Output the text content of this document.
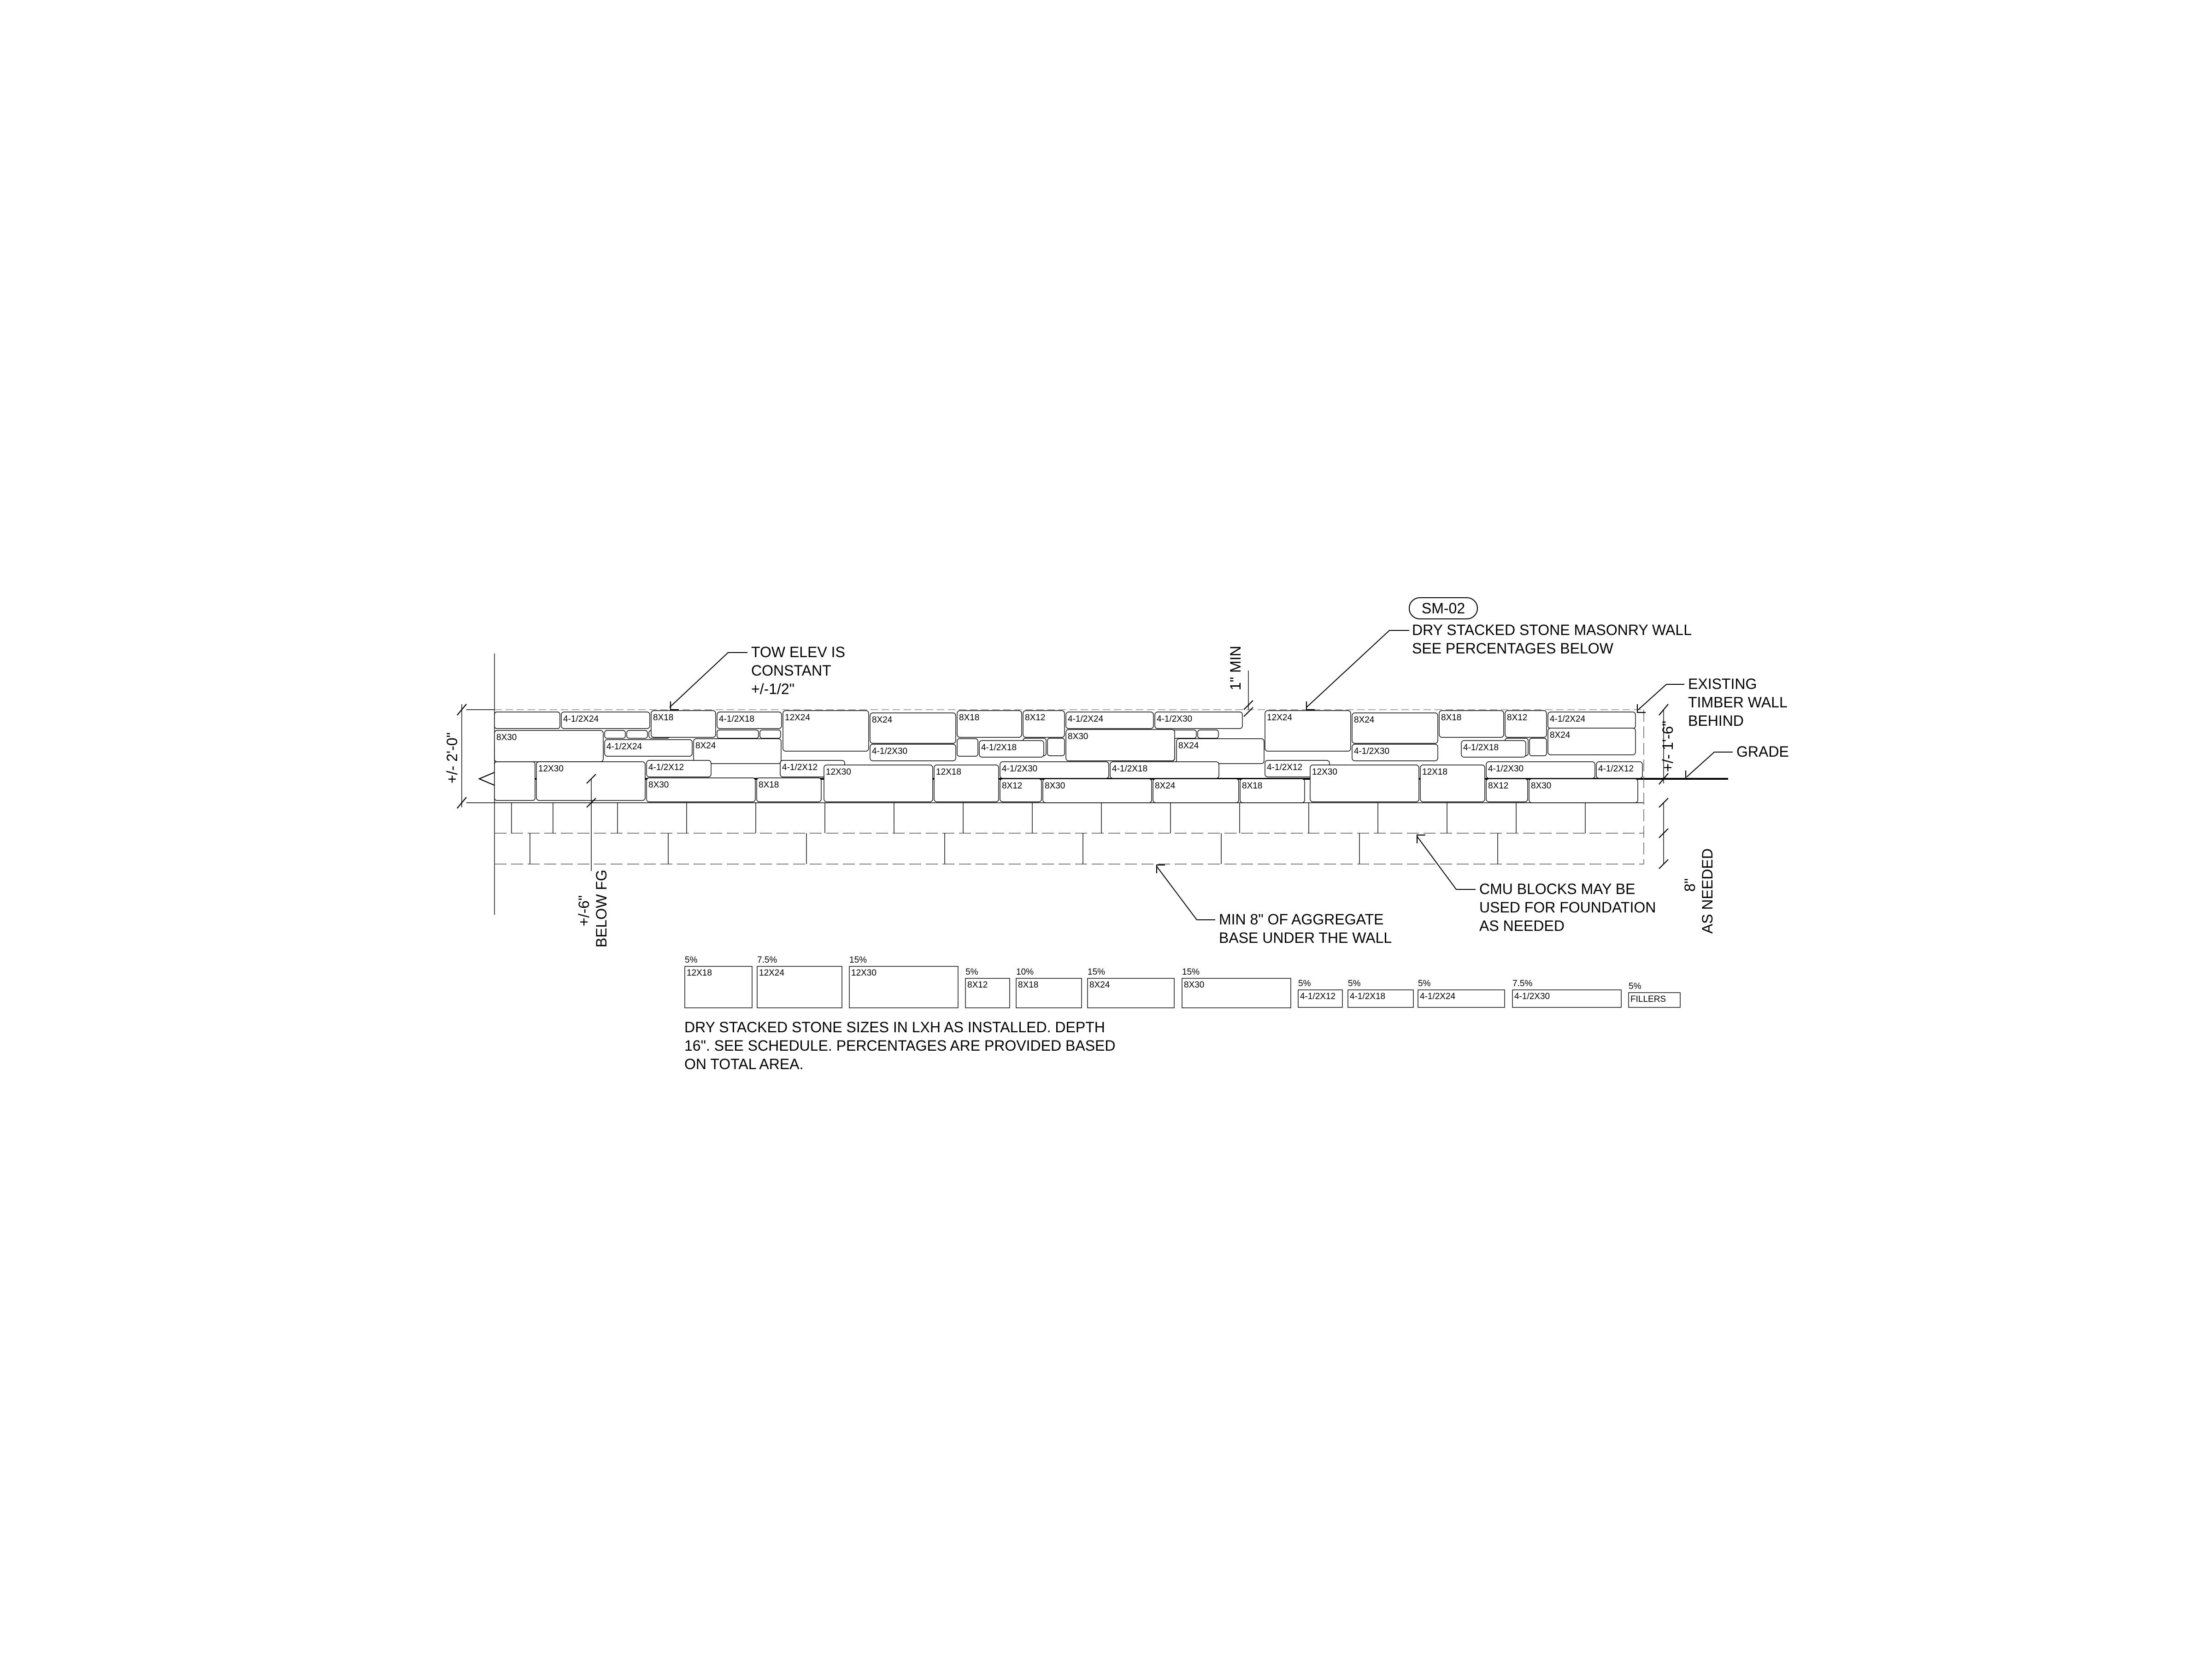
4-1/2X24	8X18	4-1/2X18	12X24	8X24	8X18	8X12	4-1/2X24	4-1/2X30	12X24	8X24	8X18	8X12	4-1/2X24
8X30
4-1/2X24	8X24
4-1/2X30	4-1/2X18
8X30
8X24
4-1/2X30	4-1/2X18
8X24
12X30	4-1/2X12	4-1/2X12 12X30	12X18	4-1/2X30	4-1/2X18	4-1/2X12 12X30	12X18	4-1/2X30	4-1/2X12
8X30	8X18	8X12	8X30	8X24	8X18	8X12	8X30
5%
12X18
7.5%
12X24
15%
12X30	5%
8X12
10%
8X18
15%
8X24
15%
8X30	5%
4-1/2X12
5%
4-1/2X18
5%
4-1/2X24
7.5%
4-1/2X30
5%
FILLERS
SM-02
DRY STACKED STONE MASONRY WALL
SEE PERCENTAGES BELOW
TOW ELEV IS
CONSTANT
+/-1/2"	EXISTING
TIMBER WALL
BEHIND
GRADE
CMU BLOCKS MAY BE
USED FOR FOUNDATION
AS NEEDED
MIN 8" OF AGGREGATE
BASE UNDER THE WALL
DRY STACKED STONE SIZES IN LXH AS INSTALLED. DEPTH
16". SEE SCHEDULE. PERCENTAGES ARE PROVIDED BASED
ON TOTAL AREA.
+/- 2'-0"
1" MIN
+/- 1'-6"
+/-6" BELOW FG	8" AS NEEDED
